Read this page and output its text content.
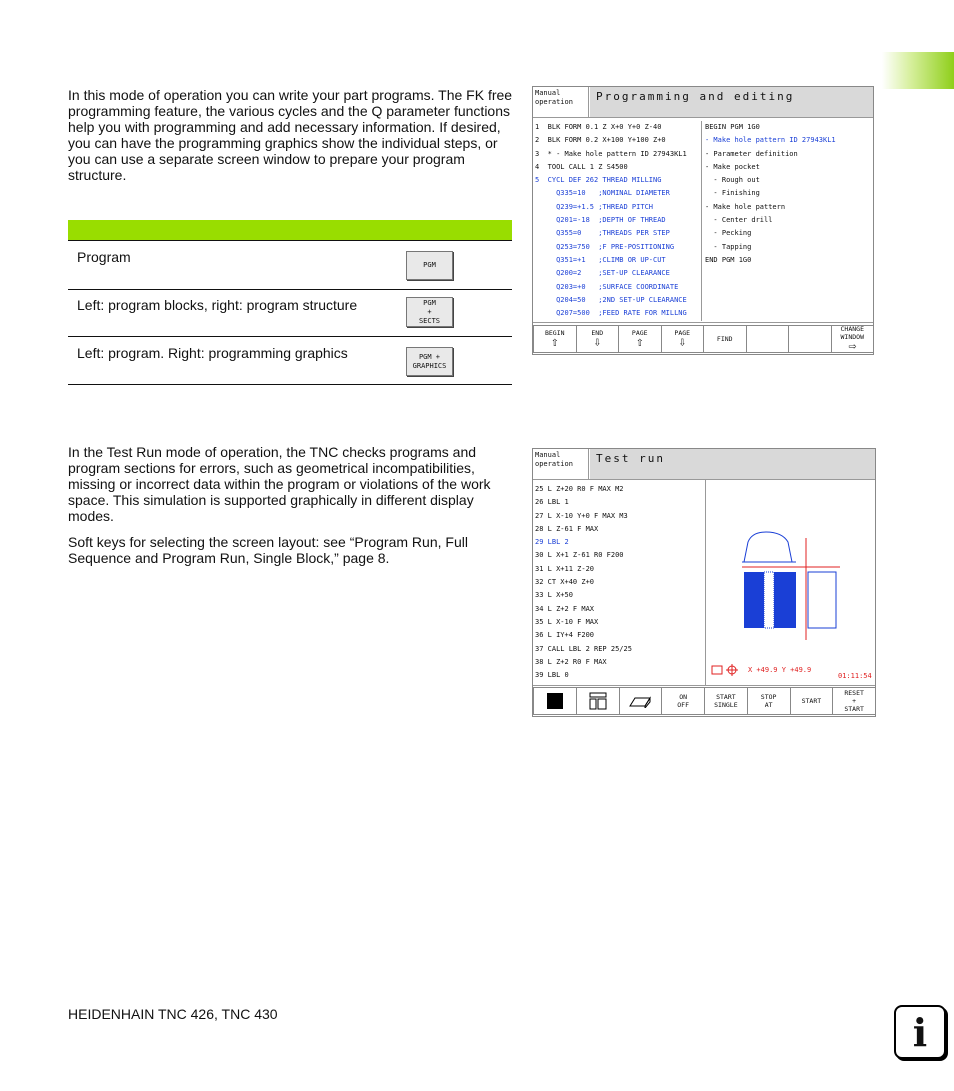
In this mode of operation you can write your part programs. The FK free programming feature, the various cycles and the Q parameter functions help you with programming and add necessary information. If desired, you can have the programming graphics show the individual steps, or you can use a separate screen window to prepare your program structure.
Program	PGM
Left: program blocks, right: program structure	PGM
+
SECTS
Left: program. Right: programming graphics	PGM +
GRAPHICS
Manual
operation	Programming and editing
1  BLK FORM 0.1 Z X+0 Y+0 Z-40
2  BLK FORM 0.2 X+100 Y+100 Z+0
3  * - Make hole pattern ID 27943KL1
4  TOOL CALL 1 Z S4500
5  CYCL DEF 262 THREAD MILLING
Q335=10   ;NOMINAL DIAMETER
Q239=+1.5 ;THREAD PITCH
Q201=-18  ;DEPTH OF THREAD
Q355=0    ;THREADS PER STEP
Q253=750  ;F PRE-POSITIONING
Q351=+1   ;CLIMB OR UP-CUT
Q200=2    ;SET-UP CLEARANCE
Q203=+0   ;SURFACE COORDINATE
Q204=50   ;2ND SET-UP CLEARANCE
Q207=500  ;FEED RATE FOR MILLNG
BEGIN PGM 1G0
- Make hole pattern ID 27943KL1
- Parameter definition
- Make pocket
- Rough out
- Finishing
- Make hole pattern
- Center drill
- Pecking
- Tapping
END PGM 1G0
BEGIN
⇧
END
⇩
PAGE
⇧
PAGE
⇩	FIND
CHANGE
WINDOW
⇨
In the Test Run mode of operation, the TNC checks programs and program sections for errors, such as geometrical incompatibilities, missing or incorrect data within the program or violations of the work space. This simulation is supported graphically in different display modes.
Soft keys for selecting the screen layout: see “Program Run, Full Sequence and Program Run, Single Block,” page 8.
Manual
operation	Test run
25 L Z+20 R0 F MAX M2
26 LBL 1
27 L X-10 Y+0 F MAX M3
28 L Z-61 F MAX
29 LBL 2
30 L X+1 Z-61 R0 F200
31 L X+11 Z-20
32 CT X+40 Z+0
33 L X+50
34 L Z+2 F MAX
35 L X-10 F MAX
36 L IY+4 F200
37 CALL LBL 2 REP 25/25
38 L Z+2 R0 F MAX
39 LBL 0
X +49.9 Y +49.9
01:11:54
ON
OFF
START
SINGLE
STOP
AT	START
RESET
+
START
HEIDENHAIN TNC 426, TNC 430	i
